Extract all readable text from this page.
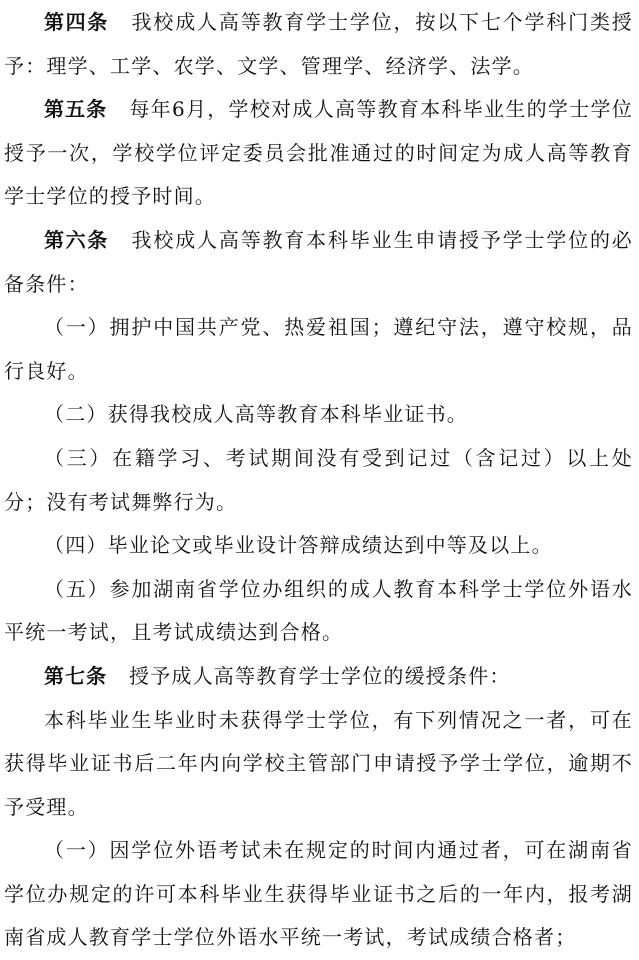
第四条 我校成人高等教育学士学位，按以下七个学科门类授予：理学、工学、农学、文学、管理学、经济学、法学。

第五条 每年6月，学校对成人高等教育本科毕业生的学士学位授予一次，学校学位评定委员会批准通过的时间定为成人高等教育学士学位的授予时间。

第六条 我校成人高等教育本科毕业生申请授予学士学位的必备条件：

（一）拥护中国共产党、热爱祖国；遵纪守法，遵守校规，品行良好。

（二）获得我校成人高等教育本科毕业证书。

（三）在籍学习、考试期间没有受到记过（含记过）以上处分；没有考试舞弊行为。

（四）毕业论文或毕业设计答辩成绩达到中等及以上。

（五）参加湖南省学位办组织的成人教育本科学士学位外语水平统一考试，且考试成绩达到合格。

第七条 授予成人高等教育学士学位的缓授条件：

本科毕业生毕业时未获得学士学位，有下列情况之一者，可在获得毕业证书后二年内向学校主管部门申请授予学士学位，逾期不予受理。

（一）因学位外语考试未在规定的时间内通过者，可在湖南省学位办规定的许可本科毕业生获得毕业证书之后的一年内，报考湖南省成人教育学士学位外语水平统一考试，考试成绩合格者；
